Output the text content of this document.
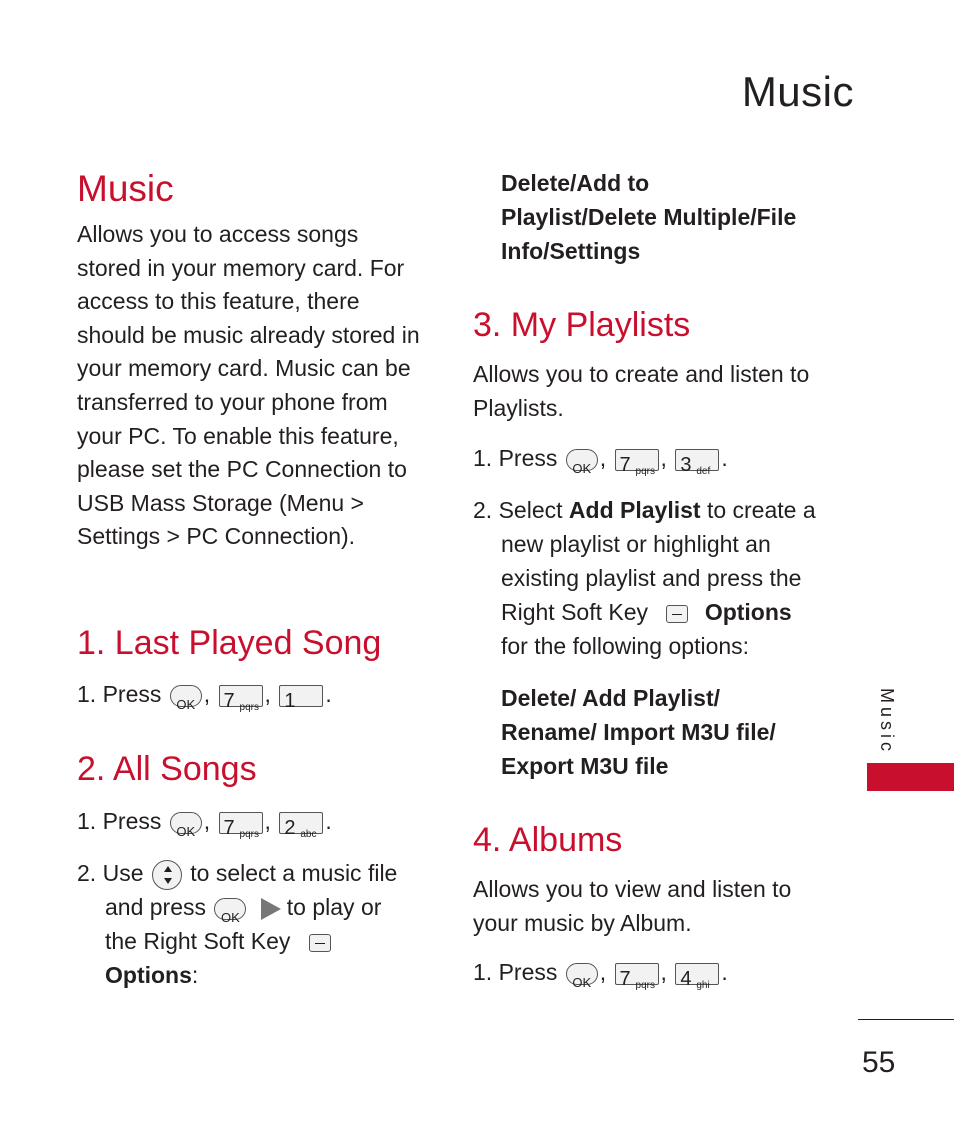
Music
Music

Allows you to access songs stored in your memory card. For access to this feature, there should be music already stored in your memory card. Music can be transferred to your phone from your PC. To enable this feature, please set the PC Connection to USB Mass Storage (Menu > Settings > PC Connection).

1. Last Played Song
1. Press , 7 pqrs
, 1 .
2. All Songs
1. Press , 7 pqrs
, 2 abc
.
2. Use to select a music file
and press	to play or
the Right Soft Key
Options:
Delete/Add to
Playlist/Delete Multiple/File
Info/Settings
3. My Playlists

Allows you to create and listen to Playlists.

1. Press , 7 pqrs
, 3 def
.
2. Select Add Playlist to create a
new playlist or highlight an
existing playlist and press the
Right Soft Key Options
for the following options:
Delete/ Add Playlist/
Rename/ Import M3U file/
Export M3U file
4. Albums

Allows you to view and listen to your music by Album.

1. Press , 7 pqrs
, 4 ghi
.
Music
55
